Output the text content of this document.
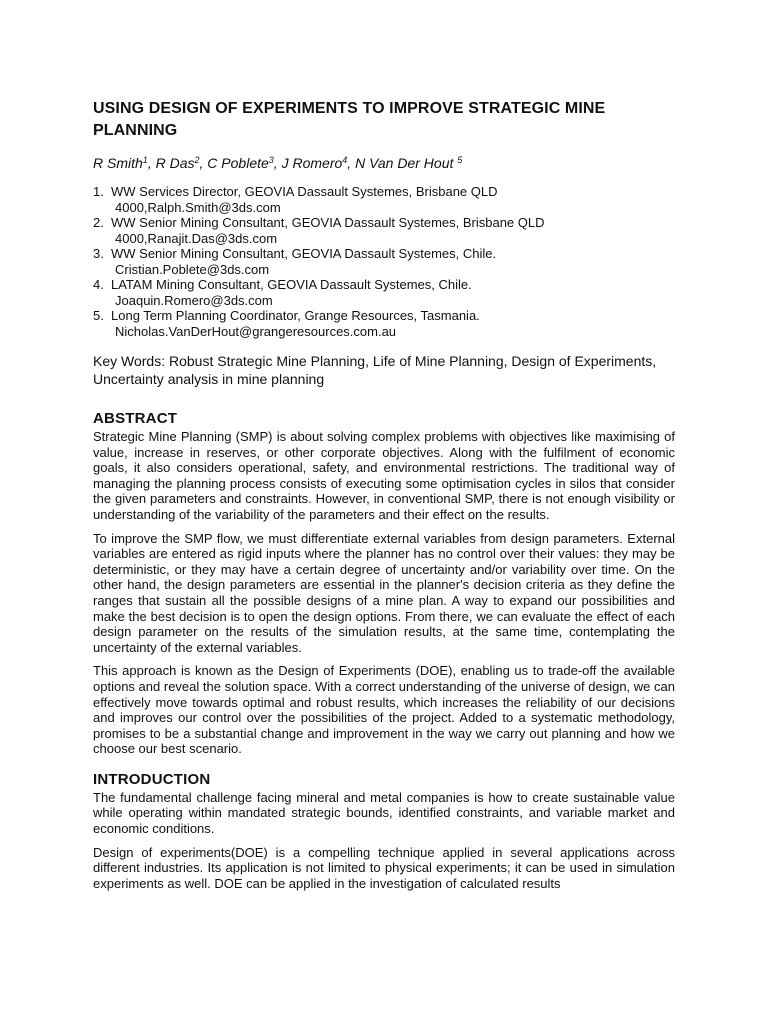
USING DESIGN OF EXPERIMENTS TO IMPROVE STRATEGIC MINE PLANNING
R Smith$^1$, R Das$^2$, C Poblete$^3$, J Romero$^4$, N Van Der Hout $^5$
1. WW Services Director, GEOVIA Dassault Systemes, Brisbane QLD
4000,Ralph.Smith@3ds.com
2. WW Senior Mining Consultant, GEOVIA Dassault Systemes, Brisbane QLD
4000,Ranajit.Das@3ds.com
3. WW Senior Mining Consultant, GEOVIA Dassault Systemes, Chile.
Cristian.Poblete@3ds.com
4. LATAM Mining Consultant, GEOVIA Dassault Systemes, Chile.
Joaquin.Romero@3ds.com
5. Long Term Planning Coordinator, Grange Resources, Tasmania.
Nicholas.VanDerHout@grangeresources.com.au

Key Words: Robust Strategic Mine Planning, Life of Mine Planning, Design of Experiments, Uncertainty analysis in mine planning

ABSTRACT

Strategic Mine Planning (SMP) is about solving complex problems with objectives like maximising of value, increase in reserves, or other corporate objectives. Along with the fulfilment of economic goals, it also considers operational, safety, and environmental restrictions. The traditional way of managing the planning process consists of executing some optimisation cycles in silos that consider the given parameters and constraints. However, in conventional SMP, there is not enough visibility or understanding of the variability of the parameters and their effect on the results.

To improve the SMP flow, we must differentiate external variables from design parameters. External variables are entered as rigid inputs where the planner has no control over their values: they may be deterministic, or they may have a certain degree of uncertainty and/or variability over time. On the other hand, the design parameters are essential in the planner's decision criteria as they define the ranges that sustain all the possible designs of a mine plan. A way to expand our possibilities and make the best decision is to open the design options. From there, we can evaluate the effect of each design parameter on the results of the simulation results, at the same time, contemplating the uncertainty of the external variables.

This approach is known as the Design of Experiments (DOE), enabling us to trade-off the available options and reveal the solution space. With a correct understanding of the universe of design, we can effectively move towards optimal and robust results, which increases the reliability of our decisions and improves our control over the possibilities of the project. Added to a systematic methodology, promises to be a substantial change and improvement in the way we carry out planning and how we choose our best scenario.

INTRODUCTION

The fundamental challenge facing mineral and metal companies is how to create sustainable value while operating within mandated strategic bounds, identified constraints, and variable market and economic conditions.

Design of experiments(DOE) is a compelling technique applied in several applications across different industries. Its application is not limited to physical experiments; it can be used in simulation experiments as well. DOE can be applied in the investigation of calculated results
